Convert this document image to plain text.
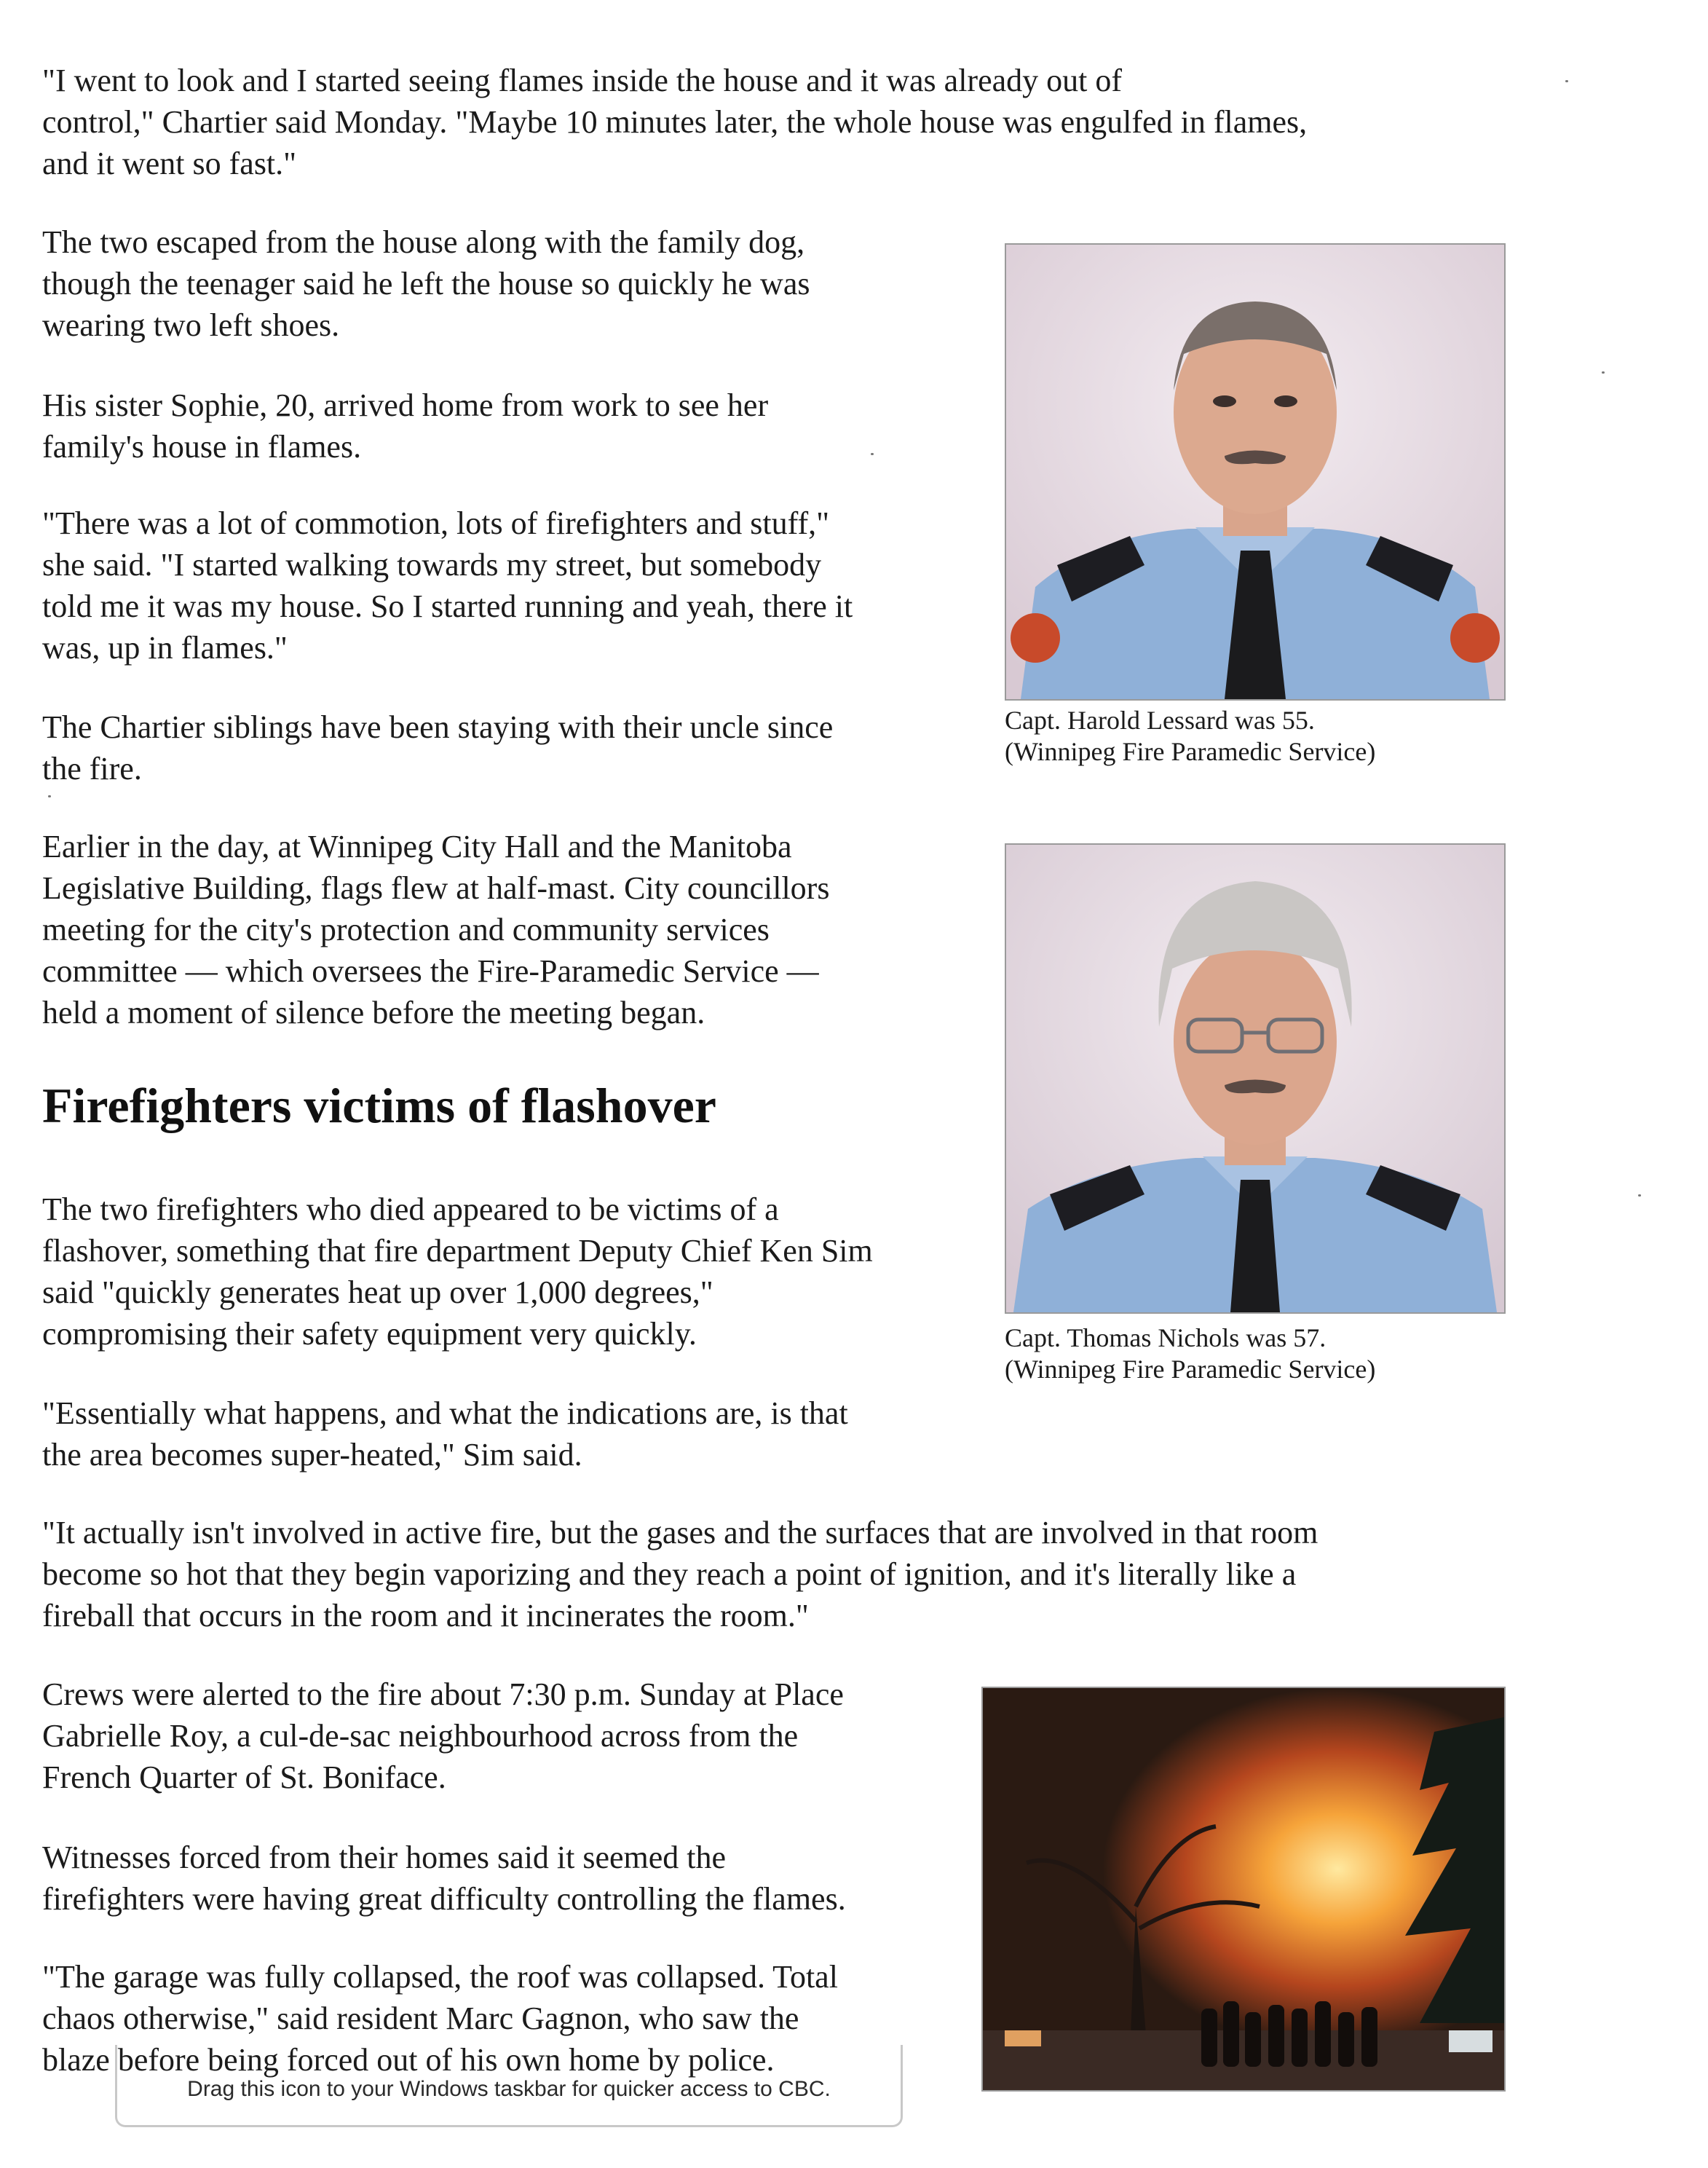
"I went to look and I started seeing flames inside the house and it was already out of
control," Chartier said Monday. "Maybe 10 minutes later, the whole house was engulfed in flames,
and it went so fast."

The two escaped from the house along with the family dog,
though the teenager said he left the house so quickly he was
wearing two left shoes.

His sister Sophie, 20, arrived home from work to see her
family's house in flames.

"There was a lot of commotion, lots of firefighters and stuff,"
she said. "I started walking towards my street, but somebody
told me it was my house. So I started running and yeah, there it
was, up in flames."

The Chartier siblings have been staying with their uncle since
the fire.

Earlier in the day, at Winnipeg City Hall and the Manitoba
Legislative Building, flags flew at half-mast. City councillors
meeting for the city's protection and community services
committee — which oversees the Fire-Paramedic Service —
held a moment of silence before the meeting began.

Firefighters victims of flashover

The two firefighters who died appeared to be victims of a
flashover, something that fire department Deputy Chief Ken Sim
said "quickly generates heat up over 1,000 degrees,"
compromising their safety equipment very quickly.

"Essentially what happens, and what the indications are, is that
the area becomes super-heated," Sim said.

"It actually isn't involved in active fire, but the gases and the surfaces that are involved in that room
become so hot that they begin vaporizing and they reach a point of ignition, and it's literally like a
fireball that occurs in the room and it incinerates the room."

Crews were alerted to the fire about 7:30 p.m. Sunday at Place
Gabrielle Roy, a cul-de-sac neighbourhood across from the
French Quarter of St. Boniface.

Witnesses forced from their homes said it seemed the
firefighters were having great difficulty controlling the flames.

"The garage was fully collapsed, the roof was collapsed. Total
chaos otherwise," said resident Marc Gagnon, who saw the
blaze before being forced out of his own home by police.

Capt. Harold Lessard was 55.
(Winnipeg Fire Paramedic Service)

Capt. Thomas Nichols was 57.
(Winnipeg Fire Paramedic Service)

Drag this icon to your Windows taskbar for quicker access to CBC.
